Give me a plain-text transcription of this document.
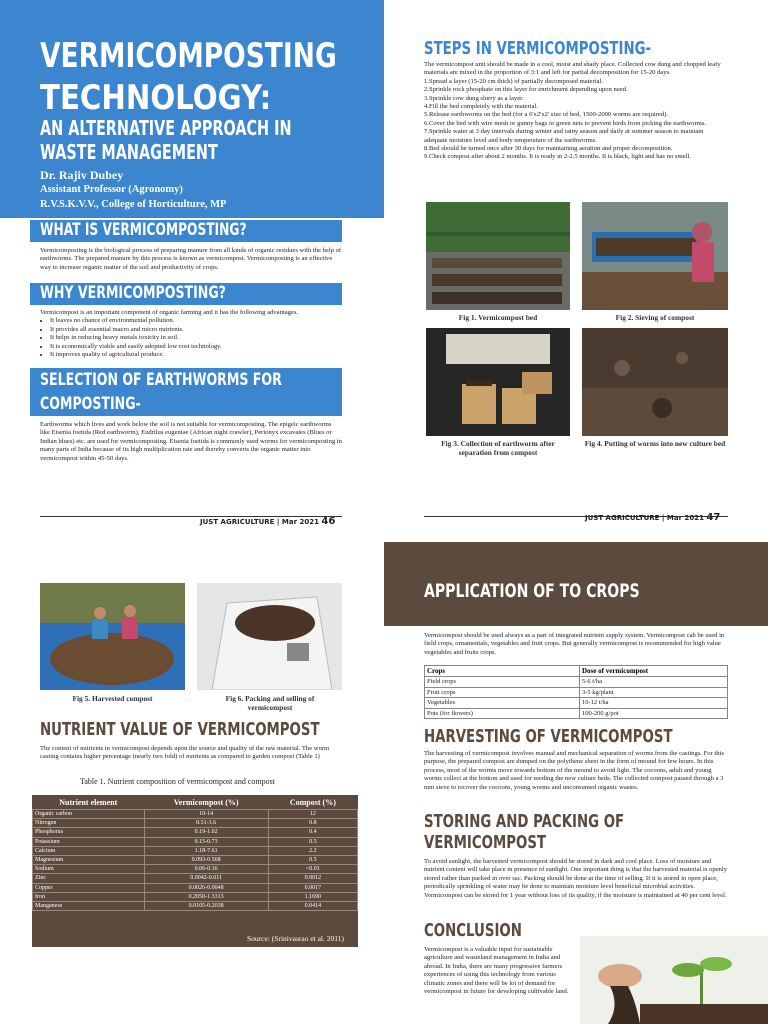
VERMICOMPOSTING
TECHNOLOGY:
AN ALTERNATIVE APPROACH IN
WASTE MANAGEMENT
Dr. Rajiv Dubey
Assistant Professor (Agronomy)
R.V.S.K.V.V., College of Horticulture, MP
WHAT IS VERMICOMPOSTING?
Vermicomposting is the biological process of preparing manure from all kinds of organic residues with the help of earthworms. The prepared manure by this process is known as vermicompost. Vermicomposting is an effective way to increase organic matter of the soil and productivity of crops.
WHY VERMICOMPOSTING?

Vermicompost is an important component of organic farming and it has the following advantages.

• It leaves no chance of environmental pollution.
• It provides all essential macro and micro nutrients.
• It helps in reducing heavy metals toxicity in soil.
• It is economically viable and easily adopted low cost technology.
• It improves quality of agricultural produce.
SELECTION OF EARTHWORMS FOR
COMPOSTING-
Earthworms which lives and work below the soil is not suitable for vermicomposting. The epigeic earthworms like Eisenia foetida (Red earthworm), Eudrilus eugeniae (African night crawler), Perionyx excavates (Blues or Indian blues) etc. are used for vermicomposting. Eisenia foetida is commonly used worms for vermicomposting in many parts of India because of its high multiplication rate and thereby converts the organic matter into vermicompost within 45-50 days.
JUST AGRICULTURE | Mar 2021 46
STEPS IN VERMICOMPOSTING-

The vermicompost unit should be made in a cool, moist and shady place. Collected cow dung and chopped leafy materials are mixed in the proportion of 3:1 and left for partial decomposition for 15-20 days.

1.Spread a layer (15-20 cm thick) of partially decomposed material.

2.Sprinkle rock phosphate on this layer for enrichment depending upon need.

3.Sprinkle cow dung slurry as a layer.

4.Fill the bed completely with the material.

5.Release earthworms on the bed (for a 6'x2'x2' size of bed, 1500-2000 worms are required).

6.Cover the bed with wire mesh or gunny bags or green nets to prevent birds from picking the earthworms.

7.Sprinkle water at 3 day intervals during winter and rainy season and daily at summer season to maintain adequate moisture level and body temperature of the earthworms.

8.Bed should be turned once after 30 days for maintaining aeration and proper decomposition.

9.Check compost after about 2 months. It is ready in 2-2.5 months. It is black, light and has no smell.

Fig 1. Vermicompost bed	Fig 2. Sieving of compost
Fig 3. Collection of earthworm after separation from compost
Fig 4. Putting of worms into new culture bed
JUST AGRICULTURE | Mar 2021 47
Fig 5. Harvested compost	Fig 6. Packing and selling of vermicompost
NUTRIENT VALUE OF VERMICOMPOST
The content of nutrients in vermicompost depends upon the source and quality of the raw material. The worm casting contains higher percentage (nearly two fold) of nutrients as compared to garden compost (Table 1)
Table 1. Nutrient composition of vermicompost and compost
Nutrient element	Vermicompost (%)	Compost (%)
Organic carbon	10-14	12
Nitrogen	0.51-1.6	0.8
Phosphorus	0.19-1.02	0.4
Potassium	0.15-0.73	0.5
Calcium	1.18-7.61	2.2
Magnesium	0.093-0.568	0.5
Sodium	0.06-0.16	<0.01
Zinc	0.0042-0.011	0.0012
Copper	0.0026-0.0048	0.0017
Iron	0.2050-1.3313	1.1690
Manganese	0.0105-0.2038	0.0414
Source: (Srinivasrao et al. 2011)
APPLICATION OF TO CROPS
Vermicompost should be used always as a part of integrated nutrient supply system. Vermicompost cab be used in field crops, ornamentals, vegetables and fruit crops. But generally vermicompost is recommended for high value vegetables and fruits crops.
Crops	Dose of vermicompost
Field crops	5-6 t/ha
Fruit crops	3-5 kg/plant
Vegetables	10-12 t/ha
Pots (for flowers)	100-200 g/pot
HARVESTING OF VERMICOMPOST
The harvesting of vermicompost involves manual and mechanical separation of worms from the castings. For this purpose, the prepared compost are dumped on the polythene sheet in the form of mound for few hours. In this process, most of the worms move towards bottom of the mound to avoid light. The cocoons, adult and young worms collect at the bottom and used for seeding the new culture beds. The collected compost passed through a 3 mm sieve to recover the cocoons, young worms and unconsumed organic wastes.
STORING AND PACKING OF
VERMICOMPOST
To avoid sunlight, the harvested vermicompost should be stored in dark and cool place. Loss of moisture and nutrient content will take place in presence of sunlight. One important thing is that the harvested material is openly stored rather than packed in over sac. Packing should be done at the time of selling. If it is stored in open place, periodically sprinkling of water may be done to maintain moisture level beneficial microbial activities. Vermicompost can be stored for 1 year without loss of its quality, if the moisture is maintained at 40 per cent level.
CONCLUSION
Vermicompost is a valuable input for sustainable agriculture and wasteland management in India and abroad. In India, there are many progressive farmers experiences of using this technology from various climatic zones and there will be lot of demand for vermicompost in future for developing cultivable land.
